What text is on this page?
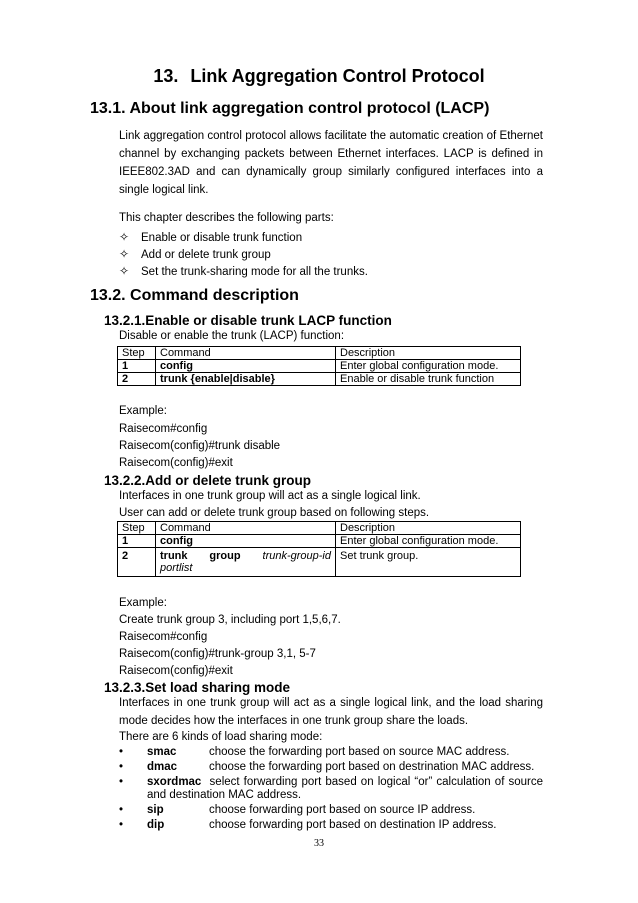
13. Link Aggregation Control Protocol
13.1. About link aggregation control protocol (LACP)
Link aggregation control protocol allows facilitate the automatic creation of Ethernet channel by exchanging packets between Ethernet interfaces. LACP is defined in IEEE802.3AD and can dynamically group similarly configured interfaces into a single logical link.
This chapter describes the following parts:
✧ Enable or disable trunk function
✧ Add or delete trunk group
✧ Set the trunk-sharing mode for all the trunks.
13.2. Command description
13.2.1.Enable or disable trunk LACP function
Disable or enable the trunk (LACP) function:
Step	Command	Description
1	config	Enter global configuration mode.
2	trunk {enable|disable}	Enable or disable trunk function
Example:
Raisecom#config
Raisecom(config)#trunk disable
Raisecom(config)#exit
13.2.2.Add or delete trunk group
Interfaces in one trunk group will act as a single logical link.
User can add or delete trunk group based on following steps.
Step	Command	Description
1	config	Enter global configuration mode.
2	trunk group trunk-group-id
portlist	Set trunk group.
Example:
Create trunk group 3, including port 1,5,6,7.
Raisecom#config
Raisecom(config)#trunk-group 3,1, 5-7
Raisecom(config)#exit
13.2.3.Set load sharing mode
Interfaces in one trunk group will act as a single logical link, and the load sharing mode decides how the interfaces in one trunk group share the loads.
There are 6 kinds of load sharing mode:
• smac	choose the forwarding port based on source MAC address.
• dmac	choose the forwarding port based on destrination MAC address.
•	sxordmac select forwarding port based on logical “or” calculation of source and destination MAC address.
• sip	choose forwarding port based on source IP address.
• dip	choose forwarding port based on destination IP address.
33
